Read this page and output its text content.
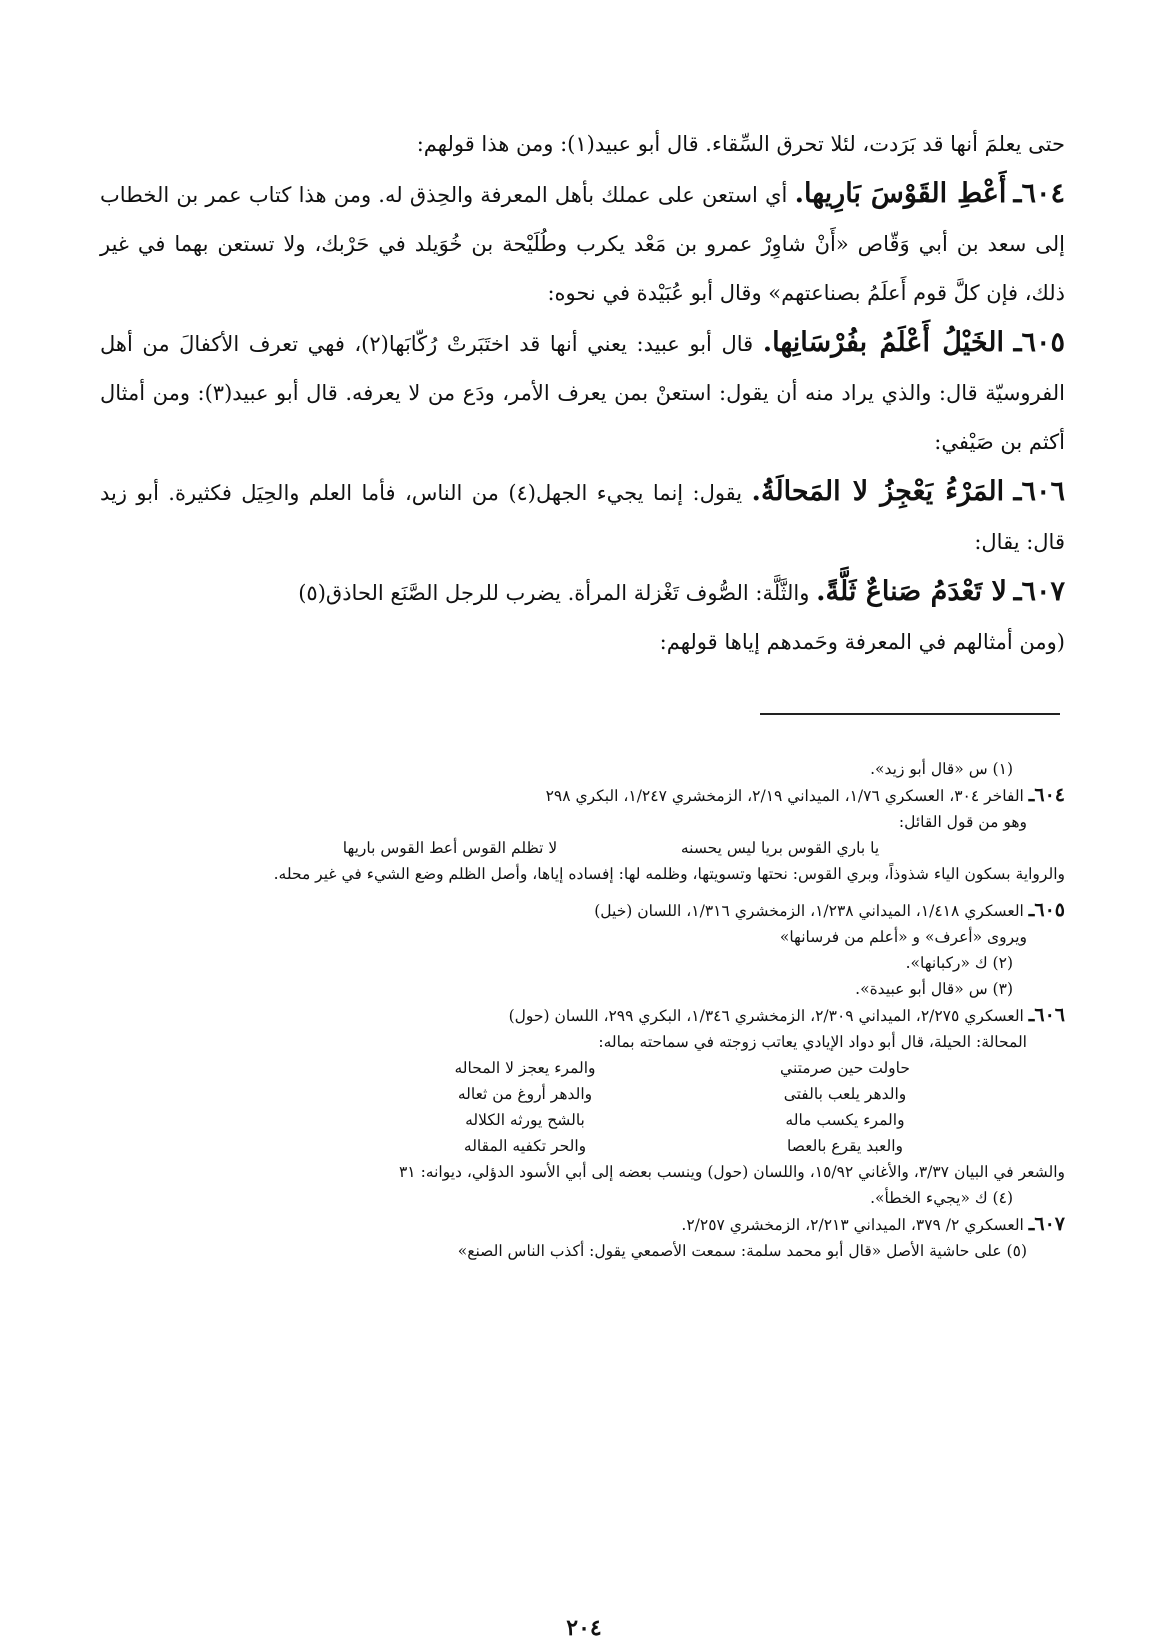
حتى يعلمَ أنها قد بَرَدت، لئلا تحرق السِّقاء. قال أبو عبيد(١): ومن هذا قولهم:

٦٠٤ـ أَعْطِ القَوْسَ بَارِيها. أي استعن على عملك بأهل المعرفة والحِذق له. ومن هذا كتاب عمر بن الخطاب إلى سعد بن أبي وَقّاص «أَنْ شاوِرْ عمرو بن مَعْد يكرب وطُلَيْحة بن خُوَيلد في حَرْبك، ولا تستعن بهما في غير ذلك، فإن كلَّ قوم أَعلَمُ بصناعتهم» وقال أبو عُبَيْدة في نحوه:

٦٠٥ـ الخَيْلُ أَعْلَمُ بفُرْسَانِها. قال أبو عبيد: يعني أنها قد اختَبَرتْ رُكّابَها(٢)، فهي تعرف الأكفالَ من أهل الفروسيّة قال: والذي يراد منه أن يقول: استعنْ بمن يعرف الأمر، ودَع من لا يعرفه. قال أبو عبيد(٣): ومن أمثال أكثم بن صَيْفي:

٦٠٦ـ المَرْءُ يَعْجِزُ لا المَحالَةُ. يقول: إنما يجيء الجهل(٤) من الناس، فأما العلم والحِيَل فكثيرة. أبو زيد قال: يقال:

٦٠٧ـ لا تَعْدَمُ صَناعٌ ثَلَّةً. والثَّلَّة: الصُّوف تَغْزلة المرأة. يضرب للرجل الصَّنَع الحاذق(٥)

(ومن أمثالهم في المعرفة وحَمدهم إياها قولهم:

(١) س «قال أبو زيد».
٦٠٤ـ الفاخر ٣٠٤، العسكري ١/٧٦، الميداني ٢/١٩، الزمخشري ١/٢٤٧، البكري ٢٩٨
وهو من قول القائل:
يا باري القوس بريا ليس يحسنه
لا تظلم القوس أعط القوس باريها
والرواية بسكون الياء شذوذاً، وبري القوس: نحتها وتسويتها، وظلمه لها: إفساده إياها، وأصل الظلم وضع الشيء في غير محله.
٦٠٥ـ العسكري ١/٤١٨، الميداني ١/٢٣٨، الزمخشري ١/٣١٦، اللسان (خيل)
ويروى «أعرف» و «أعلم من فرسانها»
(٢) ك «ركبانها».
(٣) س «قال أبو عبيدة».
٦٠٦ـ العسكري ٢/٢٧٥، الميداني ٢/٣٠٩، الزمخشري ١/٣٤٦، البكري ٢٩٩، اللسان (حول)
المحالة: الحيلة، قال أبو دواد الإيادي يعاتب زوجته في سماحته بماله:
حاولت حين صرمتني
والمرء يعجز لا المحاله
والدهر يلعب بالفتى
والدهر أروغ من ثعاله
والمرء يكسب ماله
بالشح يورثه الكلاله
والعبد يقرع بالعصا
والحر تكفيه المقاله
والشعر في البيان ٣/٣٧، والأغاني ١٥/٩٢، واللسان (حول) وينسب بعضه إلى أبي الأسود الدؤلي، ديوانه: ٣١
(٤) ك «يجيء الخطأ».
٦٠٧ـ العسكري ٢/ ٣٧٩، الميداني ٢/٢١٣، الزمخشري ٢/٢٥٧.
(٥) على حاشية الأصل «قال أبو محمد سلمة: سمعت الأصمعي يقول: أكذب الناس الصنع»
٢٠٤
